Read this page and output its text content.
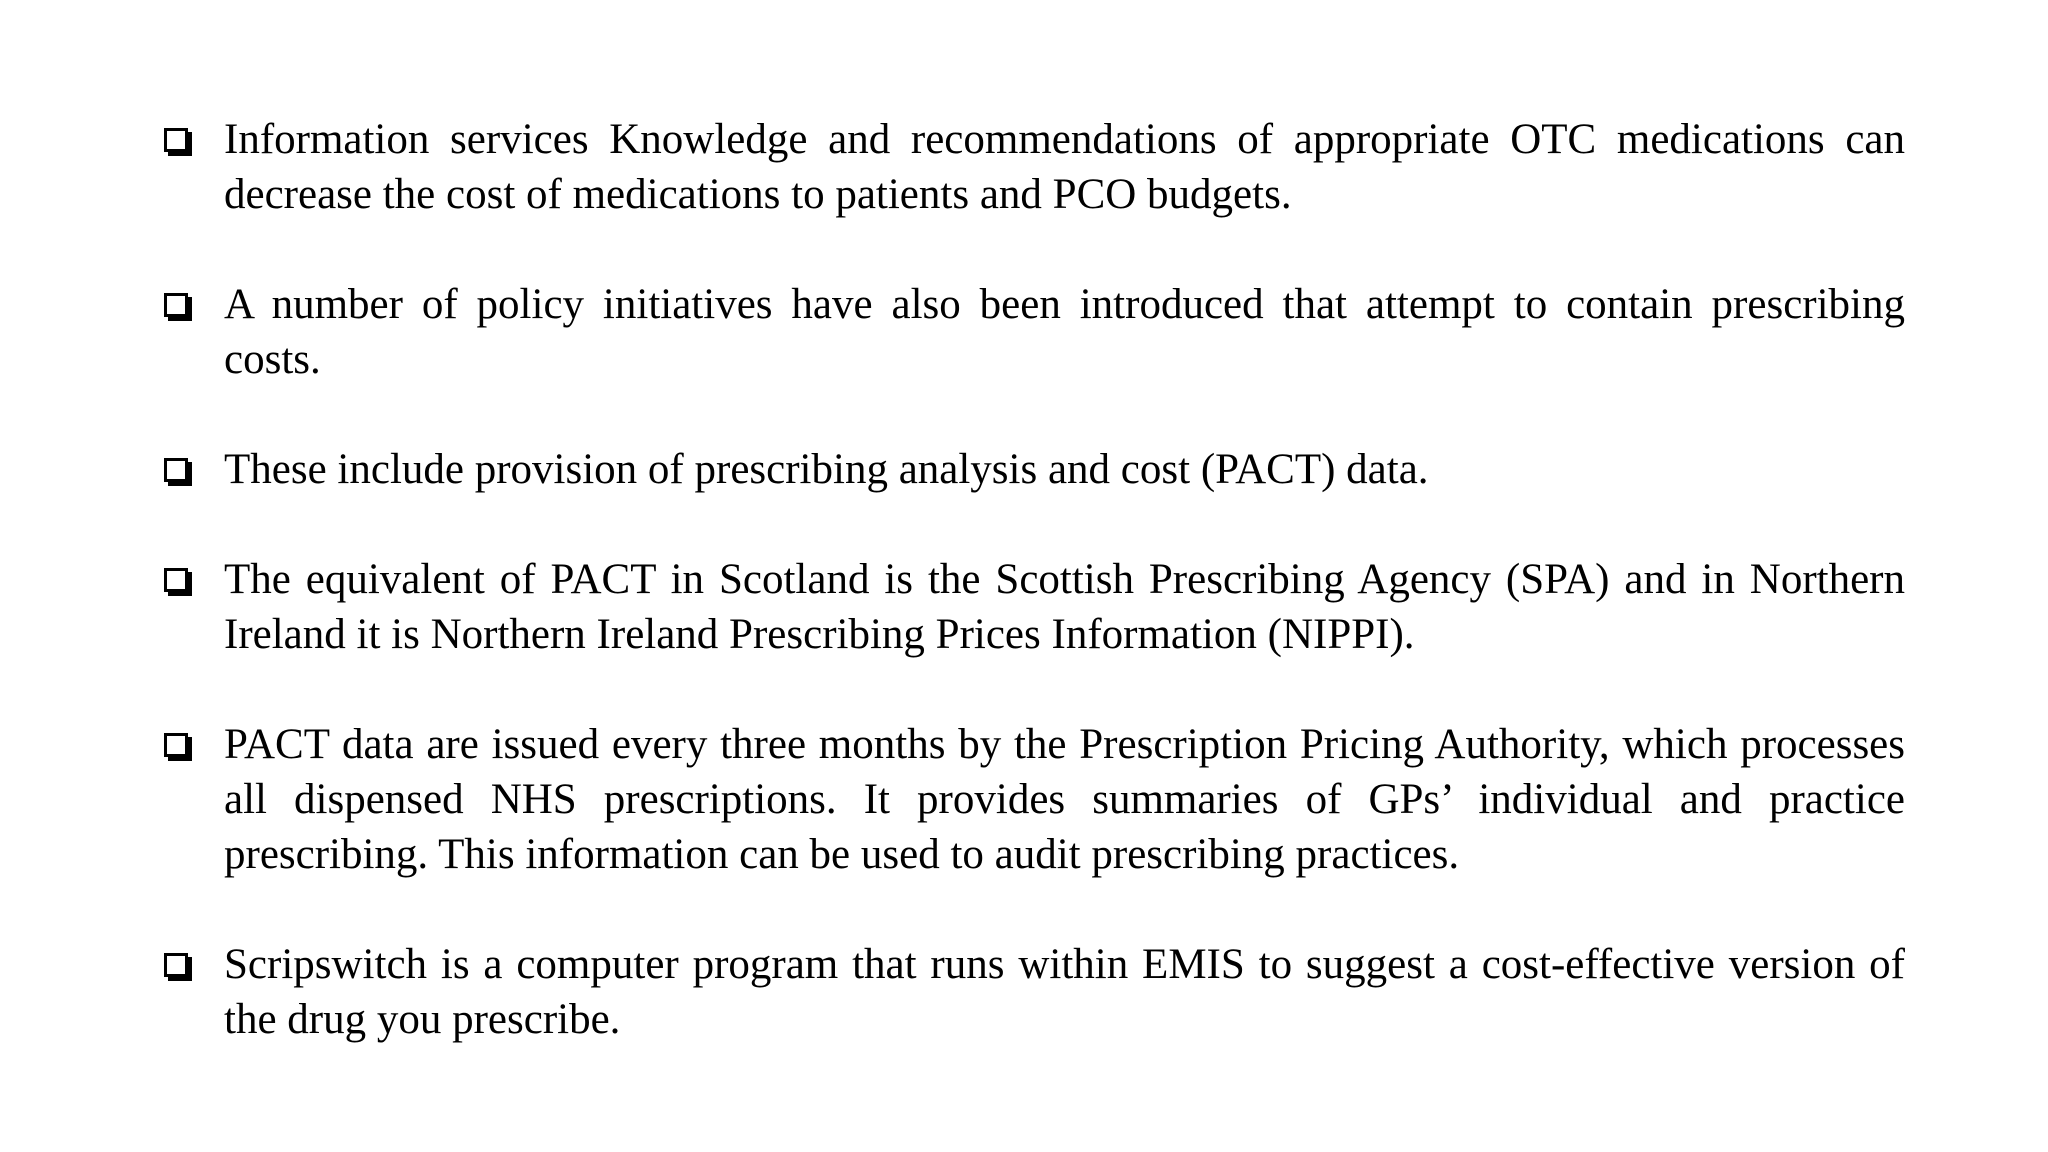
Information services Knowledge and recommendations of appropriate OTC medications can decrease the cost of medications to patients and PCO budgets.
A number of policy initiatives have also been introduced that attempt to contain prescribing costs.
These include provision of prescribing analysis and cost (PACT) data.
The equivalent of PACT in Scotland is the Scottish Prescribing Agency (SPA) and in Northern Ireland it is Northern Ireland Prescribing Prices Information (NIPPI).
PACT data are issued every three months by the Prescription Pricing Authority, which processes all dispensed NHS prescriptions. It provides summaries of GPs’ individual and practice prescribing. This information can be used to audit prescribing practices.
Scripswitch is a computer program that runs within EMIS to suggest a cost-effective version of the drug you prescribe.
